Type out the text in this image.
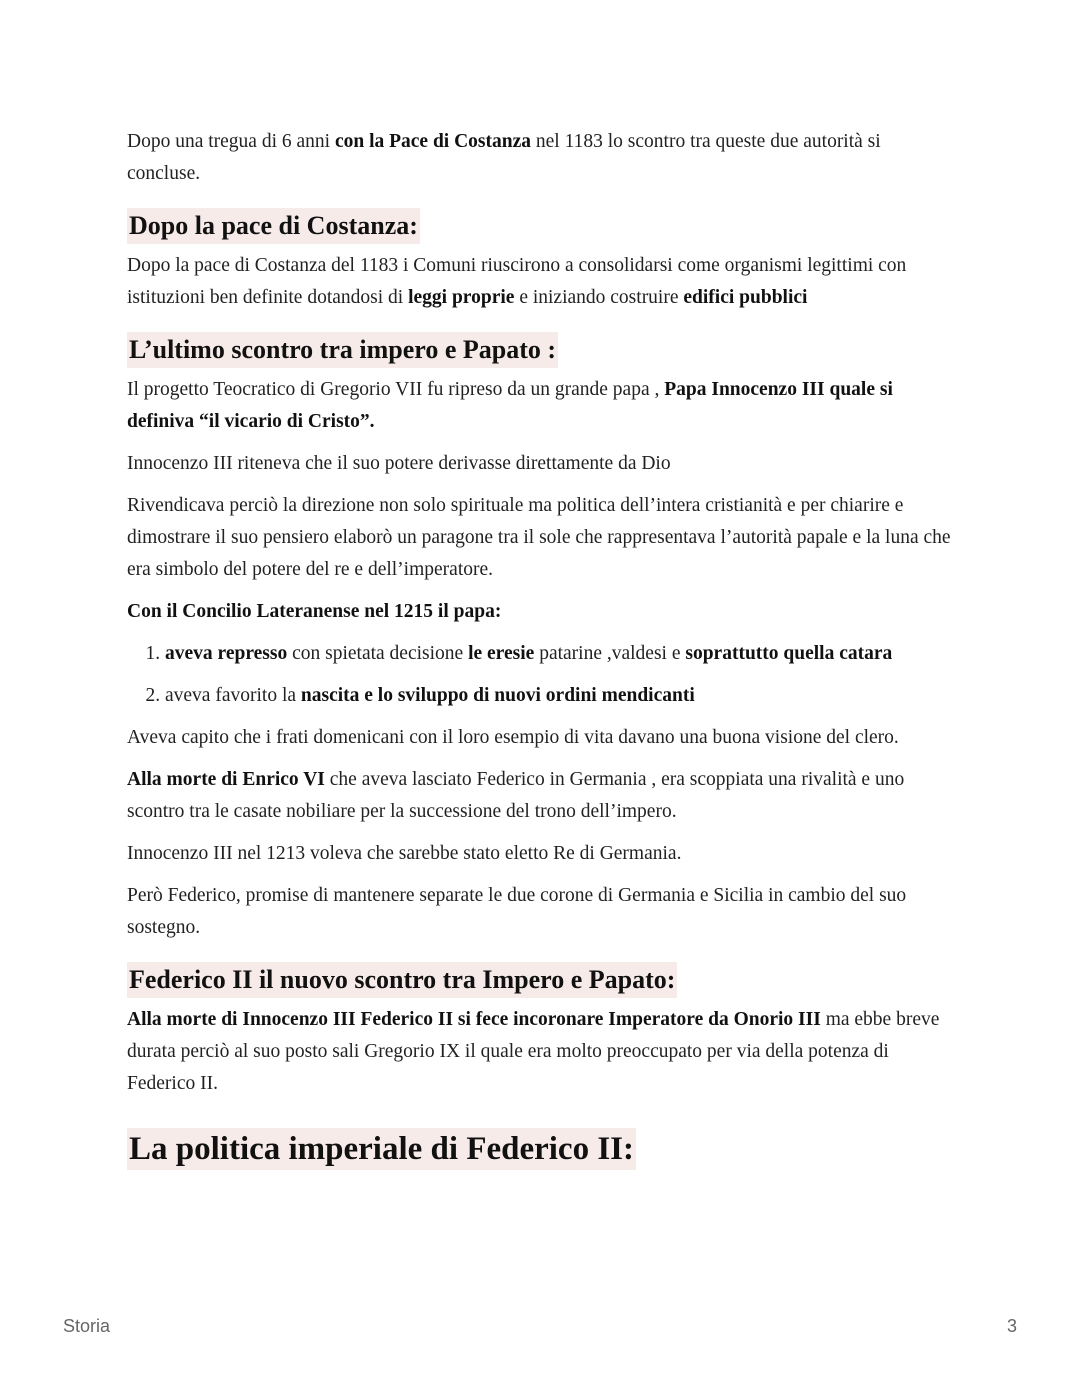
Dopo una tregua di 6 anni con la Pace di Costanza nel 1183 lo scontro tra queste due autorità si concluse.

Dopo la pace di Costanza:

Dopo la pace di Costanza del 1183 i Comuni riuscirono a consolidarsi come organismi legittimi con istituzioni ben definite dotandosi di leggi proprie e iniziando costruire edifici pubblici

L’ultimo scontro tra impero e Papato :

Il progetto Teocratico di Gregorio VII fu ripreso da un grande papa , Papa Innocenzo III quale si definiva “il vicario di Cristo”.

Innocenzo III riteneva che il suo potere derivasse direttamente da Dio

Rivendicava perciò la direzione non solo spirituale ma politica dell’intera cristianità e per chiarire e dimostrare il suo pensiero elaborò un paragone tra il sole che rappresentava l’autorità papale e la luna che era simbolo del potere del re e dell’imperatore.

Con il Concilio Lateranense nel 1215 il papa:

1. aveva represso con spietata decisione le eresie patarine ,valdesi e soprattutto quella catara
2. aveva favorito la nascita e lo sviluppo di nuovi ordini mendicanti

Aveva capito che i frati domenicani con il loro esempio di vita davano una buona visione del clero.

Alla morte di Enrico VI che aveva lasciato Federico in Germania , era scoppiata una rivalità e uno scontro tra le casate nobiliare per la successione del trono dell’impero.

Innocenzo III nel 1213 voleva che sarebbe stato eletto Re di Germania.

Però Federico, promise di mantenere separate le due corone di Germania e Sicilia in cambio del suo sostegno.

Federico II il nuovo scontro tra Impero e Papato:

Alla morte di Innocenzo III Federico II si fece incoronare Imperatore da Onorio III ma ebbe breve durata perciò al suo posto sali Gregorio IX il quale era molto preoccupato per via della potenza di Federico II.

La politica imperiale di Federico II:
Storia	3
